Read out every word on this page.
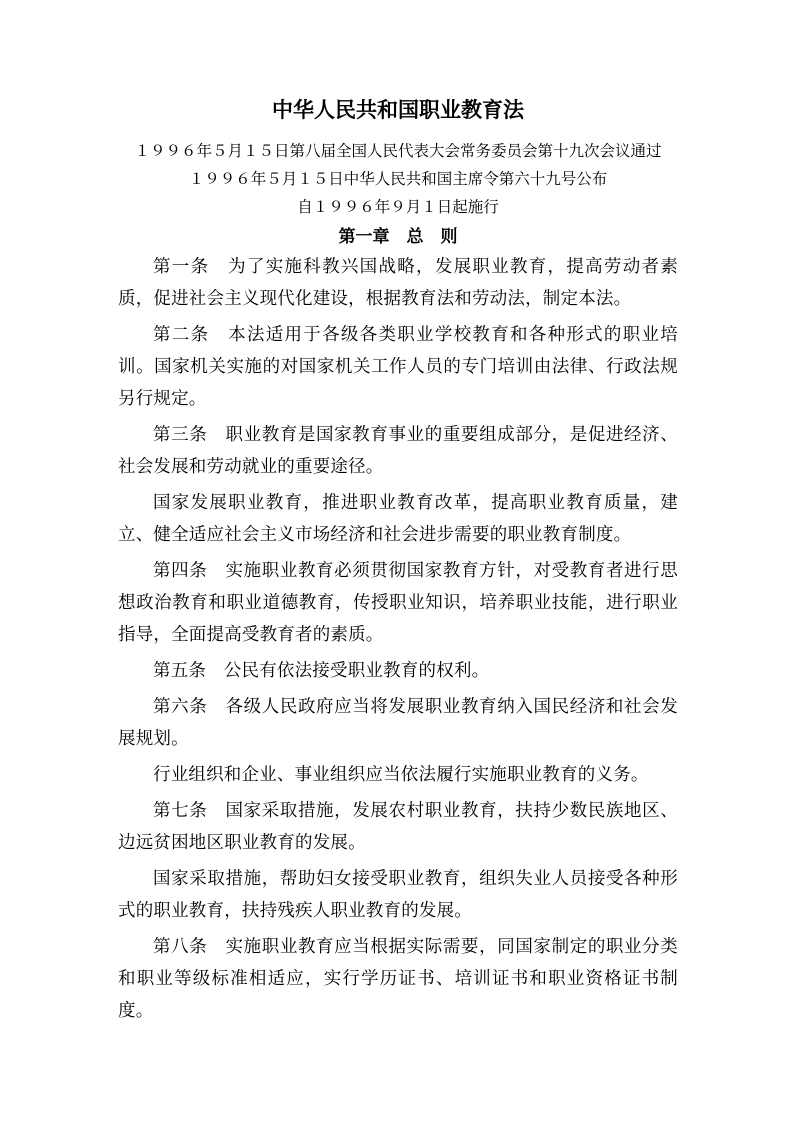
中华人民共和国职业教育法

１９９６年５月１５日第八届全国人民代表大会常务委员会第十九次会议通过

１９９６年５月１５日中华人民共和国主席令第六十九号公布

自１９９６年９月１日起施行

第一章　总　则

第一条　为了实施科教兴国战略，发展职业教育，提高劳动者素质，促进社会主义现代化建设，根据教育法和劳动法，制定本法。

第二条　本法适用于各级各类职业学校教育和各种形式的职业培训。国家机关实施的对国家机关工作人员的专门培训由法律、行政法规另行规定。

第三条　职业教育是国家教育事业的重要组成部分，是促进经济、社会发展和劳动就业的重要途径。

国家发展职业教育，推进职业教育改革，提高职业教育质量，建立、健全适应社会主义市场经济和社会进步需要的职业教育制度。

第四条　实施职业教育必须贯彻国家教育方针，对受教育者进行思想政治教育和职业道德教育，传授职业知识，培养职业技能，进行职业指导，全面提高受教育者的素质。

第五条　公民有依法接受职业教育的权利。

第六条　各级人民政府应当将发展职业教育纳入国民经济和社会发展规划。

行业组织和企业、事业组织应当依法履行实施职业教育的义务。

第七条　国家采取措施，发展农村职业教育，扶持少数民族地区、边远贫困地区职业教育的发展。

国家采取措施，帮助妇女接受职业教育，组织失业人员接受各种形式的职业教育，扶持残疾人职业教育的发展。

第八条　实施职业教育应当根据实际需要，同国家制定的职业分类和职业等级标准相适应，实行学历证书、培训证书和职业资格证书制度。
